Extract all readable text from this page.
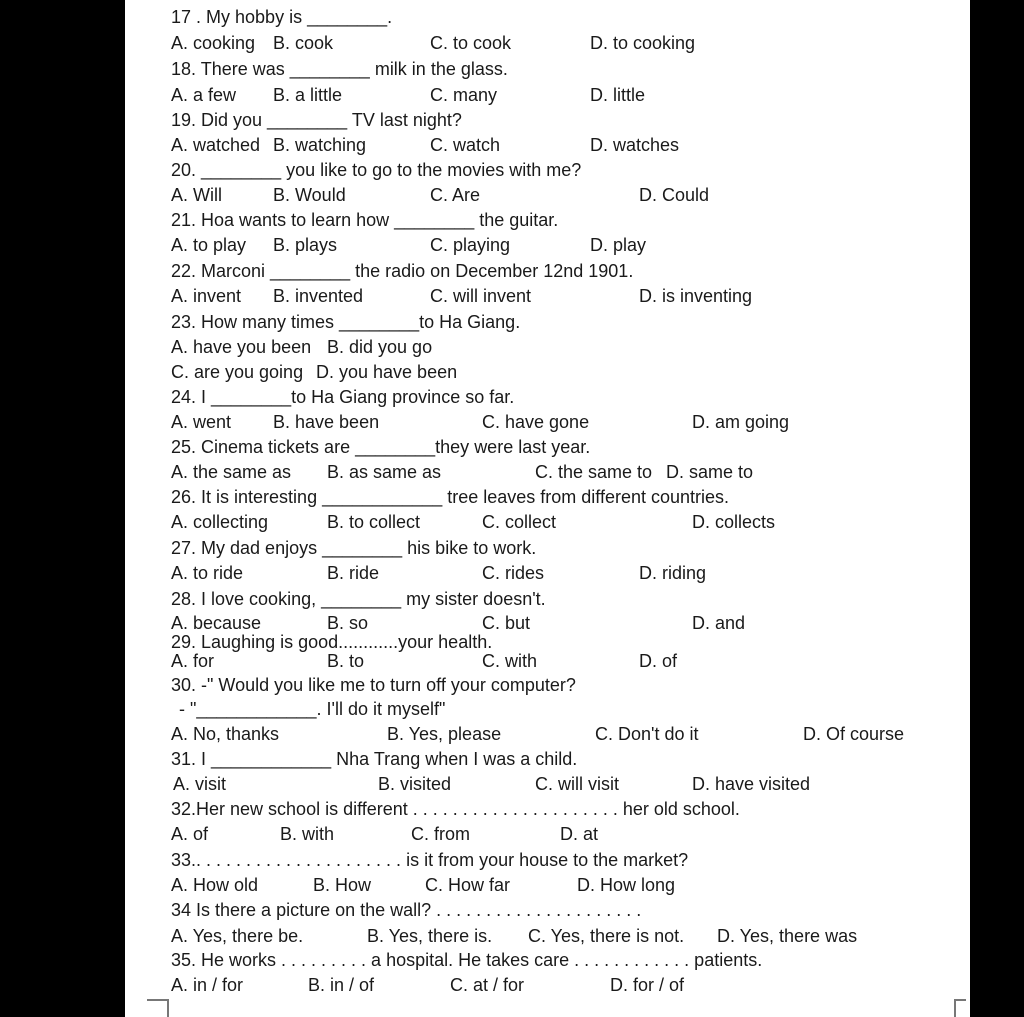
17 . My hobby is ________.
A. cooking B. cook	C. to cook	D. to cooking
18. There was ________ milk in the glass.
A. a few B. a little	C. many	D. little
19. Did you ________ TV last night?
A. watched B. watching	C. watch	D. watches
20. ________ you like to go to the movies with me?
A. Will	B. Would	C. Are	D. Could
21. Hoa wants to learn how ________ the guitar.
A. to play B. plays	C. playing	D. play
22. Marconi ________ the radio on December 12nd 1901.
A. invent B. invented	C. will invent	D. is inventing
23. How many times ________to Ha Giang.
A. have you been B. did you go
C. are you going D. you have been
24. I ________to Ha Giang province so far.
A. went B. have been	C. have gone	D. am going
25. Cinema tickets are ________they were last year.
A. the same as B. as same as	C. the same to D. same to
26. It is interesting ____________ tree leaves from different countries.
A. collecting	B. to collect	C. collect	D. collects
27. My dad enjoys ________ his bike to work.
A. to ride	B. ride	C. rides	D. riding
28. I love cooking, ________ my sister doesn't.
A. because	B. so	C. but	D. and
29. Laughing is good............your health.
A. for	B. to	C. with	D. of
30. -" Would you like me to turn off your computer?
- "____________. I'll do it myself"
A. No, thanks	B. Yes, please	C. Don't do it	D. Of course
31. I ____________ Nha Trang when I was a child.
A. visit	B. visited	C. will visit	D. have visited
32.Her new school is different . . . . . . . . . . . . . . . . . . . . . her old school.
A. of	B. with	C. from	D. at
33.. . . . . . . . . . . . . . . . . . . . . is it from your house to the market?
A. How old	B. How	C. How far	D. How long
34 Is there a picture on the wall? . . . . . . . . . . . . . . . . . . . . .
A. Yes, there be.	B. Yes, there is. C. Yes, there is not. D. Yes, there was
35. He works . . . . . . . . . a hospital. He takes care . . . . . . . . . . . . patients.
A. in / for	B. in / of	C. at / for	D. for / of
